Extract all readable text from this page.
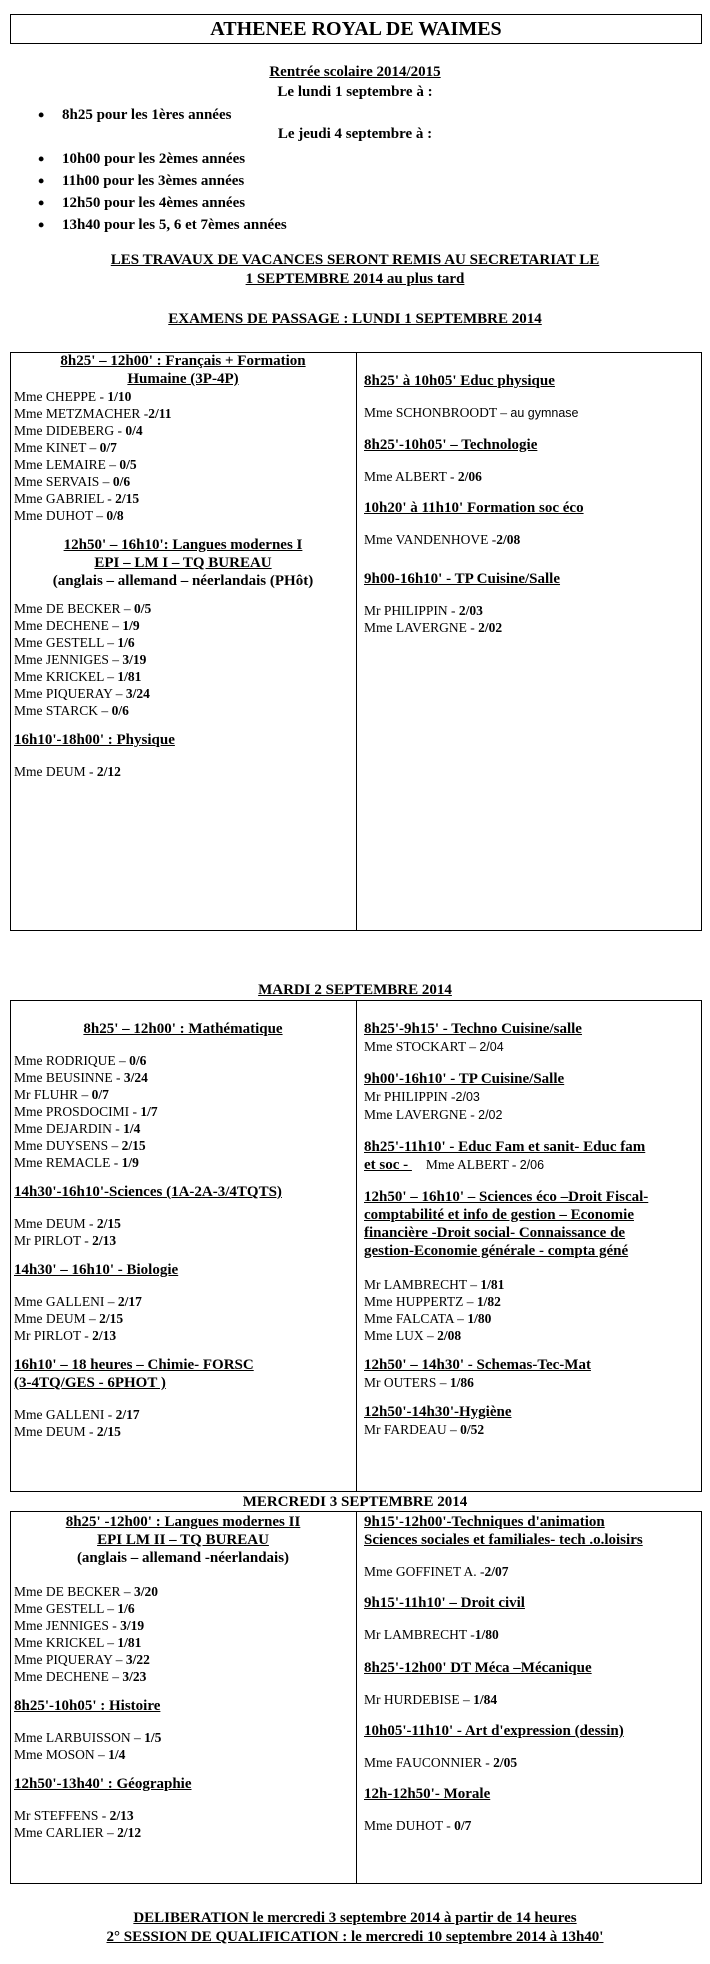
ATHENEE ROYAL DE WAIMES
Rentrée scolaire 2014/2015
Le lundi 1 septembre à :
• 8h25 pour les 1ères années
Le jeudi 4 septembre à :
• 10h00 pour les 2èmes années
• 11h00 pour les 3èmes années
• 12h50 pour les 4èmes années
• 13h40 pour les 5, 6 et 7èmes années
LES TRAVAUX DE VACANCES SERONT REMIS AU SECRETARIAT LE
1 SEPTEMBRE 2014 au plus tard
EXAMENS DE PASSAGE : LUNDI 1 SEPTEMBRE 2014
8h25' – 12h00' : Français + Formation
Humaine (3P-4P)
Mme CHEPPE - 1/10
Mme METZMACHER -2/11
Mme DIDEBERG - 0/4
Mme KINET – 0/7
Mme LEMAIRE – 0/5
Mme SERVAIS – 0/6
Mme GABRIEL - 2/15
Mme DUHOT – 0/8
12h50' – 16h10': Langues modernes I
EPI – LM I – TQ BUREAU
(anglais – allemand – néerlandais (PHôt)
Mme DE BECKER – 0/5
Mme DECHENE – 1/9
Mme GESTELL – 1/6
Mme JENNIGES – 3/19
Mme KRICKEL – 1/81
Mme PIQUERAY – 3/24
Mme STARCK – 0/6
16h10'-18h00' : Physique
Mme DEUM - 2/12
8h25' à 10h05' Educ physique
Mme SCHONBROODT – au gymnase
8h25'-10h05' – Technologie
Mme ALBERT - 2/06
10h20' à 11h10' Formation soc éco
Mme VANDENHOVE -2/08
9h00-16h10' - TP Cuisine/Salle
Mr PHILIPPIN - 2/03
Mme LAVERGNE - 2/02
MARDI 2 SEPTEMBRE 2014
8h25' – 12h00' : Mathématique
Mme RODRIQUE – 0/6
Mme BEUSINNE - 3/24
Mr FLUHR – 0/7
Mme PROSDOCIMI - 1/7
Mme DEJARDIN - 1/4
Mme DUYSENS – 2/15
Mme REMACLE - 1/9
14h30'-16h10'-Sciences (1A-2A-3/4TQTS)
Mme DEUM - 2/15
Mr PIRLOT - 2/13
14h30' – 16h10' - Biologie
Mme GALLENI – 2/17
Mme DEUM – 2/15
Mr PIRLOT - 2/13
16h10' – 18 heures – Chimie- FORSC
(3-4TQ/GES - 6PHOT )
Mme GALLENI - 2/17
Mme DEUM - 2/15
8h25'-9h15' - Techno Cuisine/salle
Mme STOCKART – 2/04
9h00'-16h10' - TP Cuisine/Salle
Mr PHILIPPIN -2/03
Mme LAVERGNE - 2/02
8h25'-11h10' - Educ Fam et sanit- Educ fam
et soc - Mme ALBERT - 2/06
12h50' – 16h10' – Sciences éco –Droit Fiscal-
comptabilité et info de gestion – Economie
financière -Droit social- Connaissance de
gestion-Economie générale - compta géné
Mr LAMBRECHT – 1/81
Mme HUPPERTZ – 1/82
Mme FALCATA – 1/80
Mme LUX – 2/08
12h50' – 14h30' - Schemas-Tec-Mat
Mr OUTERS – 1/86
12h50'-14h30'-Hygiène
Mr FARDEAU – 0/52
MERCREDI 3 SEPTEMBRE 2014
8h25' -12h00' : Langues modernes II
EPI LM II – TQ BUREAU
(anglais – allemand -néerlandais)
Mme DE BECKER – 3/20
Mme GESTELL – 1/6
Mme JENNIGES - 3/19
Mme KRICKEL – 1/81
Mme PIQUERAY – 3/22
Mme DECHENE – 3/23
8h25'-10h05' : Histoire
Mme LARBUISSON – 1/5
Mme MOSON – 1/4
12h50'-13h40' : Géographie
Mr STEFFENS - 2/13
Mme CARLIER – 2/12
9h15'-12h00'-Techniques d'animation
Sciences sociales et familiales- tech .o.loisirs
Mme GOFFINET A. -2/07
9h15'-11h10' – Droit civil
Mr LAMBRECHT -1/80
8h25'-12h00' DT Méca –Mécanique
Mr HURDEBISE – 1/84
10h05'-11h10' - Art d'expression (dessin)
Mme FAUCONNIER - 2/05
12h-12h50'- Morale
Mme DUHOT - 0/7
DELIBERATION le mercredi 3 septembre 2014 à partir de 14 heures
2° SESSION DE QUALIFICATION : le mercredi 10 septembre 2014 à 13h40'
